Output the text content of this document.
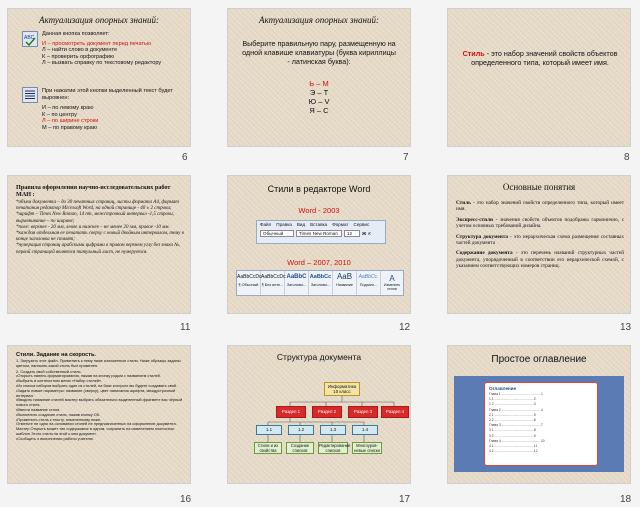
Актуализация опорных знаний:
ABC
Данная кнопка позволяет:
И – просмотреть документ перед печатью
Л – найти слово в документе
К – проверить орфографию
Л – вызвать справку по текстовому редактору
При нажатии этой кнопки выделенный текст будет выровнен:
И – по левому краю
К – по центру
Л – по ширине строки
М – по правому краю
6
Актуализация опорных знаний:
Выберите правильную пару, размещенную на одной клавише клавиатуры (буква кириллицы - латинская буква):
Ь – М
Э – Т
Ю – V
Я – С
7
Стиль - это набор значений свойств объектов определенного типа, который имеет имя.
8
Правила оформления научно-исследовательских работ МАН :
*объем документа – до 30 печатных страниц, листы формата А4, формат печатания редактор Microsoft Word, на одной странице - 40 ± 2 строки;
*шрифт – Times New Roman, 14 пт, межстрочный интервал -1,5 строки, выравнивание – по ширине;
*поле: верхнее - 20 мм, левое и нижнее – не менее 20 мм, правое -10 мм.
*каждая отдельная ее печатать сверху с новый двойным интервалом, тему в конце заголовка не ставят;
*нумерация страниц арабскими цифрами в правом верхнем углу без знака №, первой страницей является титульный лист, не нумеруется.
11
Стили в редакторе Word
Word - 2003
Файл Правка Вид Вставка Формат Сервис
Обычный	Times New Roman	12	Ж К
Word – 2007, 2010
AaBbCcDc
¶ Обычный
AaBbCcDc
¶ Без инте...
AaBbC
Заголово...
AaBbCc
Заголово...
AaB
Название
AaBbCc.
Подзаго...
A
Изменить стили
12
Основные понятия

Стиль - это набор значений свойств определенного типа, который имеет имя.

Экспресс-стили - значения свойств объектов подобраны гармонично, с учетом основных требований дизайна.

Структура документа - это иерархическая схема размещения составных частей документа

Содержание документа - это перечень названий структурных частей документа, упорядоченный в соответствии его иерархической схемой, с указанием соответствующих номеров страниц.

13
Стили. Задание на скорость.
1. Загрузить этот файл. Применить к нему ниже изложенные стили. Ниже образцы заданы цветом, написать какой стиль был применен.
2. Создать свой собственный стиль:
•Открыть панель форматирования, нажав на кнопку рядом с названием стилей.
•Выбрать в контекстном меню «Набор стилей».
•Из списка наборов выбрать один из стилей, на базе которого вы будете создавать свой.
•Задать новые параметры: название (сверху), цвет написания шрифта, междустрочный интервал.
•Вводить название стилей мастер выбрать обязательно выделенный фрагмент вас чёрный нового стиля.
•Ввести название стиля.
•Выполнить создание стиля, нажав кнопку ОК.
•Применить стиль к тексту, помеченному ниже.
Отметьте не одно на основании стилей не предназначенных на оформление документа. Мастер Открыть может тип содержимое в одном, сохранить на изменением полностью шаблон Этого стиля на этой о кем документ.
•Сообщить о выполнении работы учителю.
16
Структура документа
Информатика 10 класс
Раздел 1	Раздел 2	Раздел 3	Раздел 4
1.1	1.2	1.3	1.4
Стили и их свойства
Создание списков
Редактирование списков
Многоуров-невые списки
17
Простое оглавление
Оглавление
Глава 1 ...........................................1
1.1 ...........................................2
1.2 ...........................................3
Глава 2 ...........................................4
2.1 ...........................................5
2.2 ...........................................6
Глава 3 ...........................................7
3.1 ...........................................8
3.2 ...........................................9
Глава 4 ...........................................10
4.1 ...........................................11
4.2 ...........................................12
18
